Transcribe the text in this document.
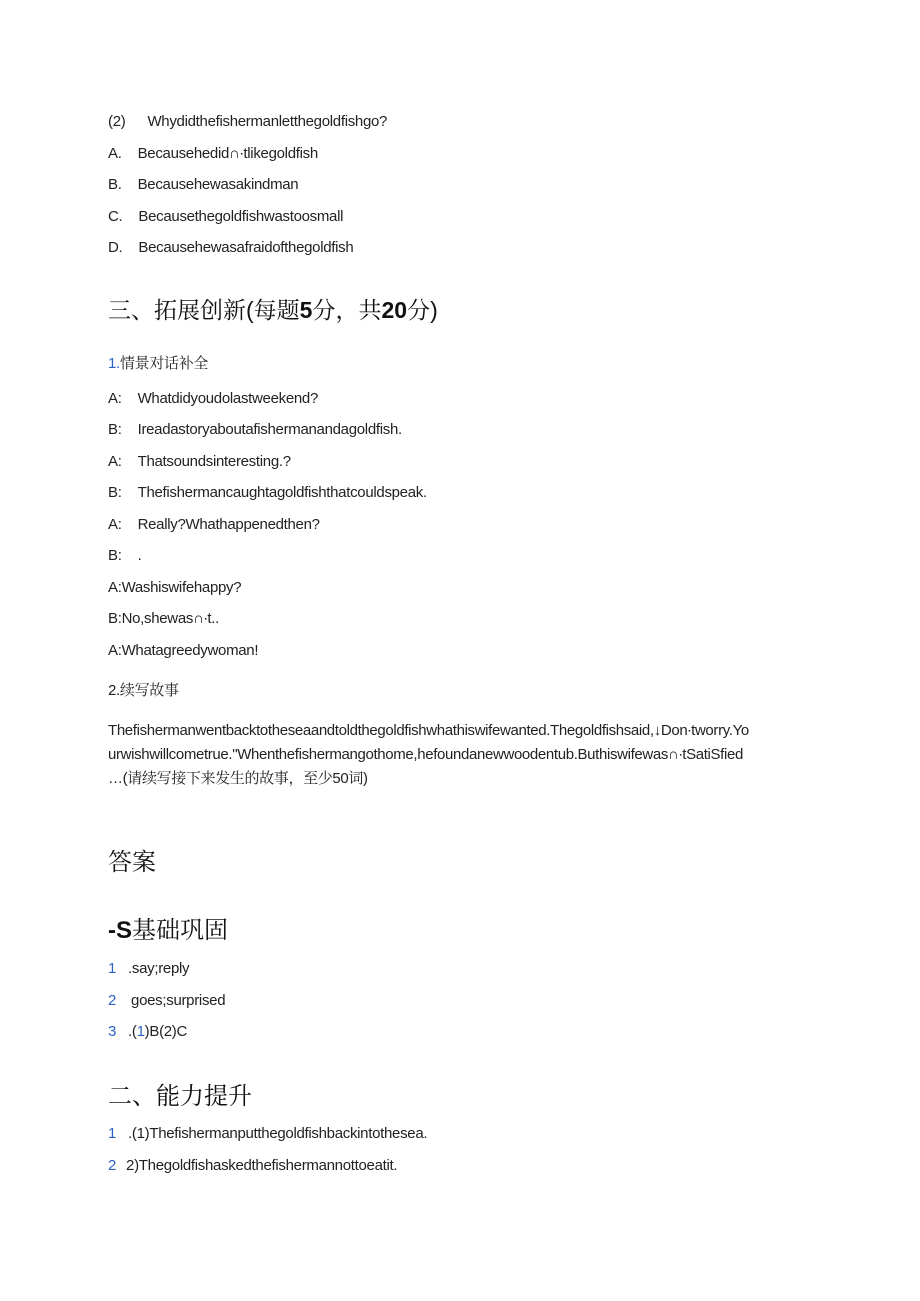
(2) Whydidthefishermanletthegoldfishgo?
A. Becausehedid∩∙tlikegoldfish
B. Becausehewasakindman
C. Becausethegoldfishwastoosmall
D. Becausehewasafraidofthegoldfish
三、拓展创新(每题5分，共20分)
1.情景对话补全
A: Whatdidyoudolastweekend?
B: Ireadastoryaboutafishermanandagoldfish.
A: Thatsoundsinteresting.?
B: Thefishermancaughtagoldfishthatcouldspeak.
A: Really?Whathappenedthen?
B: .
A:Washiswifehappy?
B:No,shewas∩∙t..
A:Whatagreedywoman!
2.续写故事
Thefishermanwentbacktotheseaandtoldthegoldfishwhathiswifewanted.Thegoldfishsaid,↓Don∙tworry.Yo
urwishwillcometrue."Whenthefishermangothome,hefoundanewwoodentub.Buthiswifewas∩∙tSatiSfied
…(请续写接下来发生的故事，至少50词)
答案
-S基础巩固
1 .say;reply
2 goes;surprised
3 .(1)B(2)C
二、能力提升
1 .(1)Thefishermanputthegoldfishbackintothesea.
2 2)Thegoldfishaskedthefishermannottoeatit.
